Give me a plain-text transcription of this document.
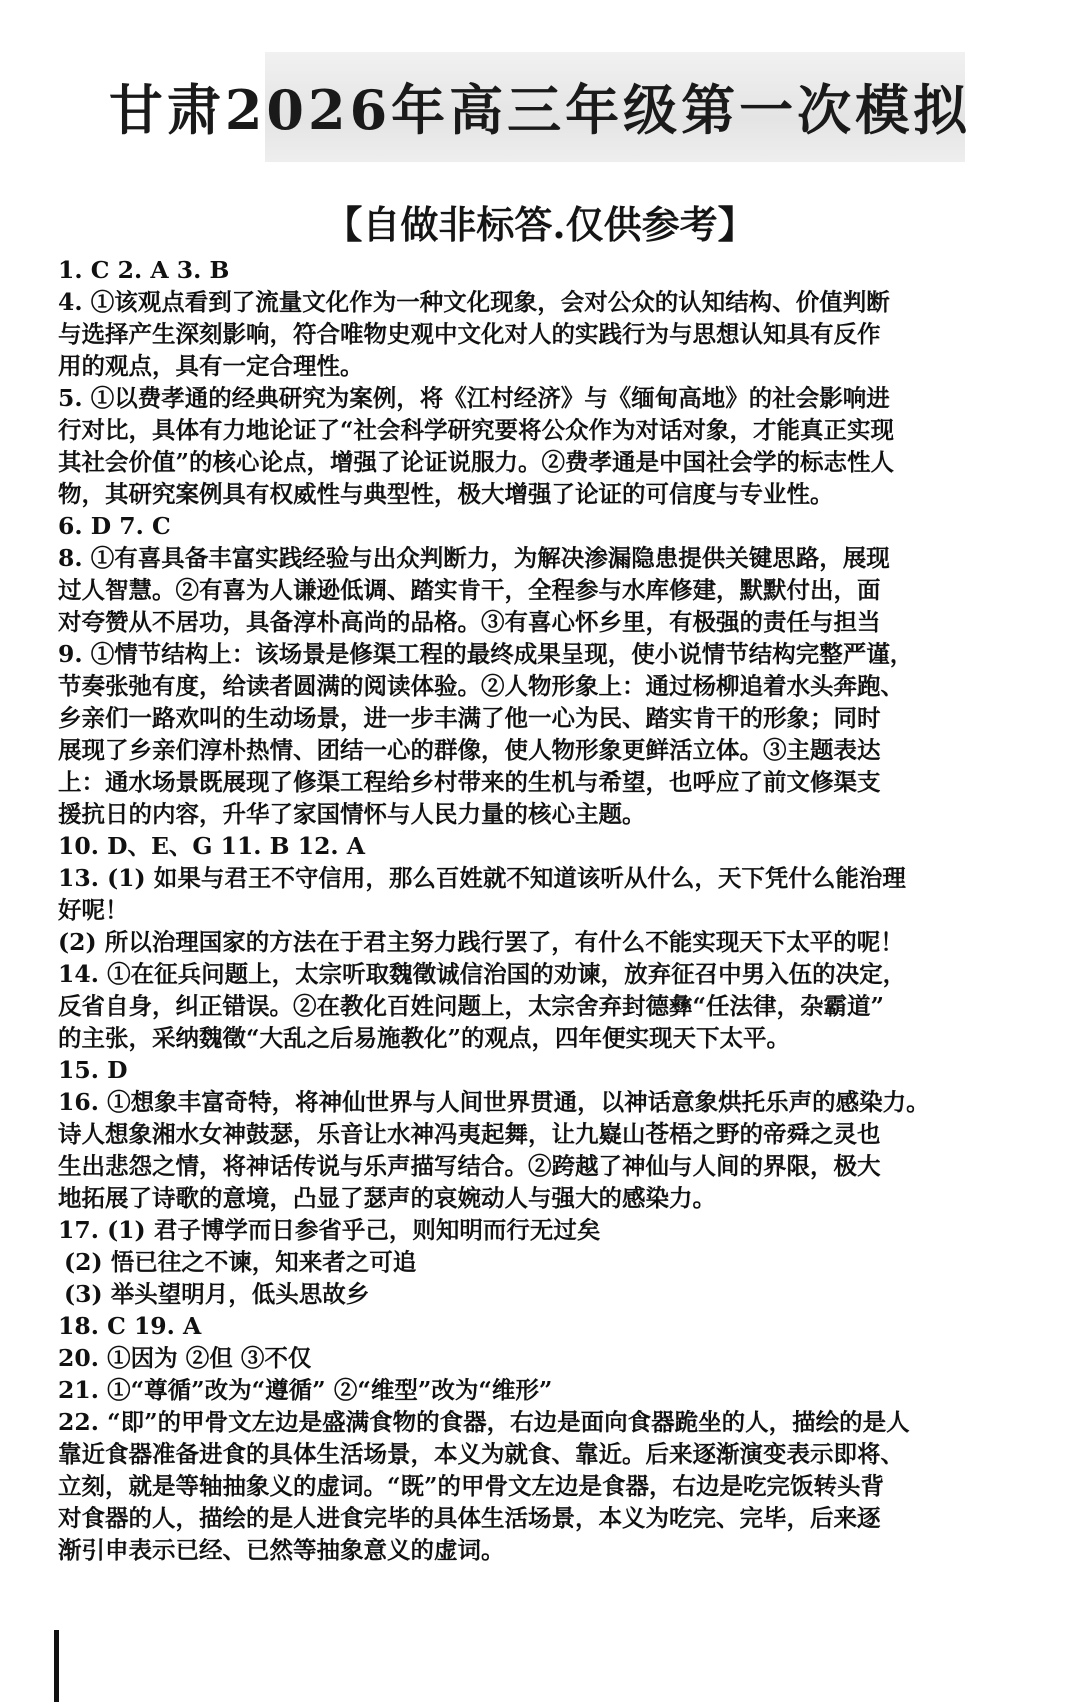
甘肃2026年高三年级第一次模拟
【自做非标答.仅供参考】
1. C 2. A 3. B
4. ①该观点看到了流量文化作为一种文化现象，会对公众的认知结构、价值判断
与选择产生深刻影响，符合唯物史观中文化对人的实践行为与思想认知具有反作
用的观点，具有一定合理性。
5. ①以费孝通的经典研究为案例，将《江村经济》与《缅甸高地》的社会影响进
行对比，具体有力地论证了“社会科学研究要将公众作为对话对象，才能真正实现
其社会价值”的核心论点，增强了论证说服力。②费孝通是中国社会学的标志性人
物，其研究案例具有权威性与典型性，极大增强了论证的可信度与专业性。
6. D 7. C
8. ①有喜具备丰富实践经验与出众判断力，为解决渗漏隐患提供关键思路，展现
过人智慧。②有喜为人谦逊低调、踏实肯干，全程参与水库修建，默默付出，面
对夸赞从不居功，具备淳朴高尚的品格。③有喜心怀乡里，有极强的责任与担当
9. ①情节结构上：该场景是修渠工程的最终成果呈现，使小说情节结构完整严谨，
节奏张弛有度，给读者圆满的阅读体验。②人物形象上：通过杨柳追着水头奔跑、
乡亲们一路欢叫的生动场景，进一步丰满了他一心为民、踏实肯干的形象；同时
展现了乡亲们淳朴热情、团结一心的群像，使人物形象更鲜活立体。③主题表达
上：通水场景既展现了修渠工程给乡村带来的生机与希望，也呼应了前文修渠支
援抗日的内容，升华了家国情怀与人民力量的核心主题。
10. D、E、G 11. B 12. A
13. (1) 如果与君王不守信用，那么百姓就不知道该听从什么，天下凭什么能治理
好呢！
(2) 所以治理国家的方法在于君主努力践行罢了，有什么不能实现天下太平的呢！
14. ①在征兵问题上，太宗听取魏徵诚信治国的劝谏，放弃征召中男入伍的决定，
反省自身，纠正错误。②在教化百姓问题上，太宗舍弃封德彝“任法律，杂霸道”
的主张，采纳魏徵“大乱之后易施教化”的观点，四年便实现天下太平。
15. D
16. ①想象丰富奇特，将神仙世界与人间世界贯通，以神话意象烘托乐声的感染力。
诗人想象湘水女神鼓瑟，乐音让水神冯夷起舞，让九嶷山苍梧之野的帝舜之灵也
生出悲怨之情，将神话传说与乐声描写结合。②跨越了神仙与人间的界限，极大
地拓展了诗歌的意境，凸显了瑟声的哀婉动人与强大的感染力。
17. (1) 君子博学而日参省乎己，则知明而行无过矣
(2) 悟已往之不谏，知来者之可追
(3) 举头望明月，低头思故乡
18. C 19. A
20. ①因为 ②但 ③不仅
21. ①“尊循”改为“遵循” ②“维型”改为“维形”
22. “即”的甲骨文左边是盛满食物的食器，右边是面向食器跪坐的人，描绘的是人
靠近食器准备进食的具体生活场景，本义为就食、靠近。后来逐渐演变表示即将、
立刻，就是等轴抽象义的虚词。“既”的甲骨文左边是食器，右边是吃完饭转头背
对食器的人，描绘的是人进食完毕的具体生活场景，本义为吃完、完毕，后来逐
渐引申表示已经、已然等抽象意义的虚词。
